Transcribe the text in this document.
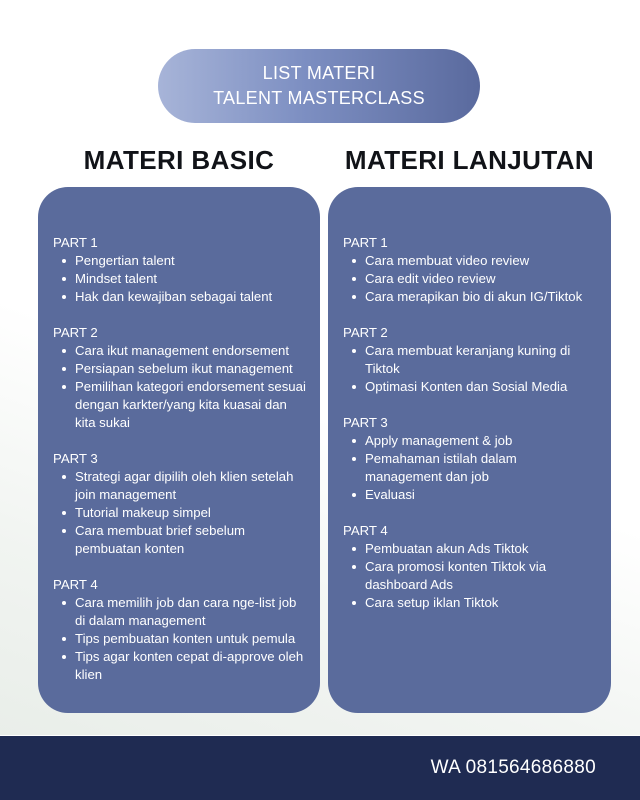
LIST MATERI
TALENT MASTERCLASS
MATERI BASIC	MATERI LANJUTAN
PART 1
Pengertian talent
Mindset talent
Hak dan kewajiban sebagai talent
PART 2
Cara ikut management endorsement
Persiapan sebelum ikut management
Pemilihan kategori endorsement sesuai dengan karkter/yang kita kuasai dan kita sukai
PART 3
Strategi agar dipilih oleh klien setelah join management
Tutorial makeup simpel
Cara membuat brief sebelum pembuatan konten
PART 4
Cara memilih job dan cara nge-list job di dalam management
Tips pembuatan konten untuk pemula
Tips agar konten cepat di-approve oleh klien
PART 1
Cara membuat video review
Cara edit video review
Cara merapikan bio di akun IG/Tiktok
PART 2
Cara membuat keranjang kuning di Tiktok
Optimasi Konten dan Sosial Media
PART 3
Apply management & job
Pemahaman istilah dalam management dan job
Evaluasi
PART 4
Pembuatan akun Ads Tiktok
Cara promosi konten Tiktok via dashboard Ads
Cara setup iklan Tiktok
WA 081564686880
